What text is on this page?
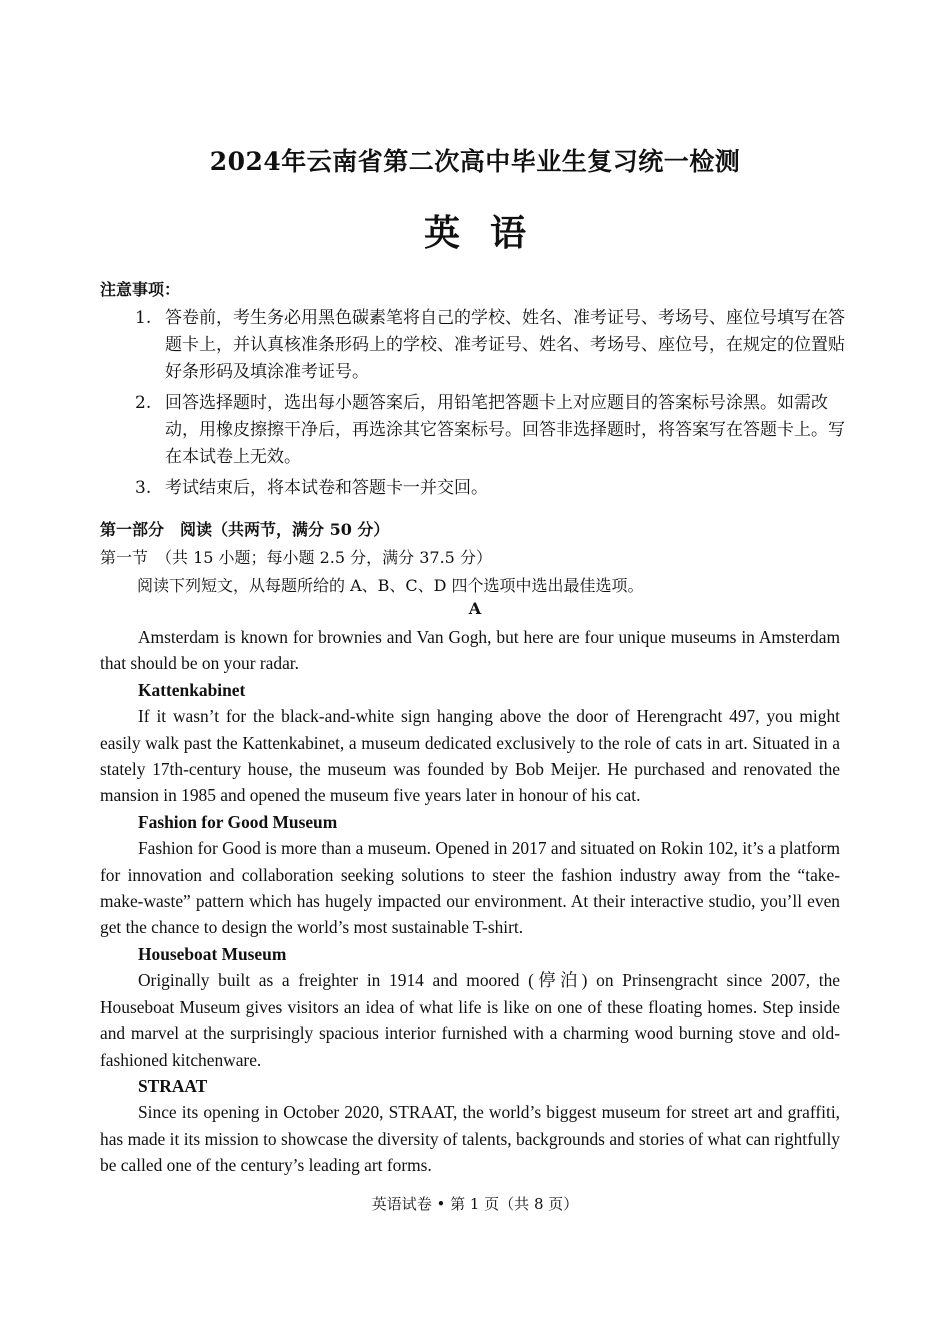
2024年云南省第二次高中毕业生复习统一检测
英语
注意事项：
1. 答卷前，考生务必用黑色碳素笔将自己的学校、姓名、准考证号、考场号、座位号填写在答题卡上，并认真核准条形码上的学校、准考证号、姓名、考场号、座位号，在规定的位置贴好条形码及填涂准考证号。
2. 回答选择题时，选出每小题答案后，用铅笔把答题卡上对应题目的答案标号涂黑。如需改动，用橡皮擦擦干净后，再选涂其它答案标号。回答非选择题时，将答案写在答题卡上。写在本试卷上无效。
3. 考试结束后，将本试卷和答题卡一并交回。
第一部分　阅读（共两节，满分 50 分）
第一节　（共 15 小题；每小题 2.5 分，满分 37.5 分）
阅读下列短文，从每题所给的 A、B、C、D 四个选项中选出最佳选项。
A

Amsterdam is known for brownies and Van Gogh, but here are four unique museums in Amsterdam that should be on your radar.

Kattenkabinet

If it wasn’t for the black-and-white sign hanging above the door of Herengracht 497, you might easily walk past the Kattenkabinet, a museum dedicated exclusively to the role of cats in art. Situated in a stately 17th-century house, the museum was founded by Bob Meijer. He purchased and renovated the mansion in 1985 and opened the museum five years later in honour of his cat.

Fashion for Good Museum

Fashion for Good is more than a museum. Opened in 2017 and situated on Rokin 102, it’s a platform for innovation and collaboration seeking solutions to steer the fashion industry away from the “take-make-waste” pattern which has hugely impacted our environment. At their interactive studio, you’ll even get the chance to design the world’s most sustainable T-shirt.

Houseboat Museum

Originally built as a freighter in 1914 and moored (停泊) on Prinsengracht since 2007, the Houseboat Museum gives visitors an idea of what life is like on one of these floating homes. Step inside and marvel at the surprisingly spacious interior furnished with a charming wood burning stove and old-fashioned kitchenware.

STRAAT

Since its opening in October 2020, STRAAT, the world’s biggest museum for street art and graffiti, has made it its mission to showcase the diversity of talents, backgrounds and stories of what can rightfully be called one of the century’s leading art forms.

英语试卷 • 第 1 页（共 8 页）
